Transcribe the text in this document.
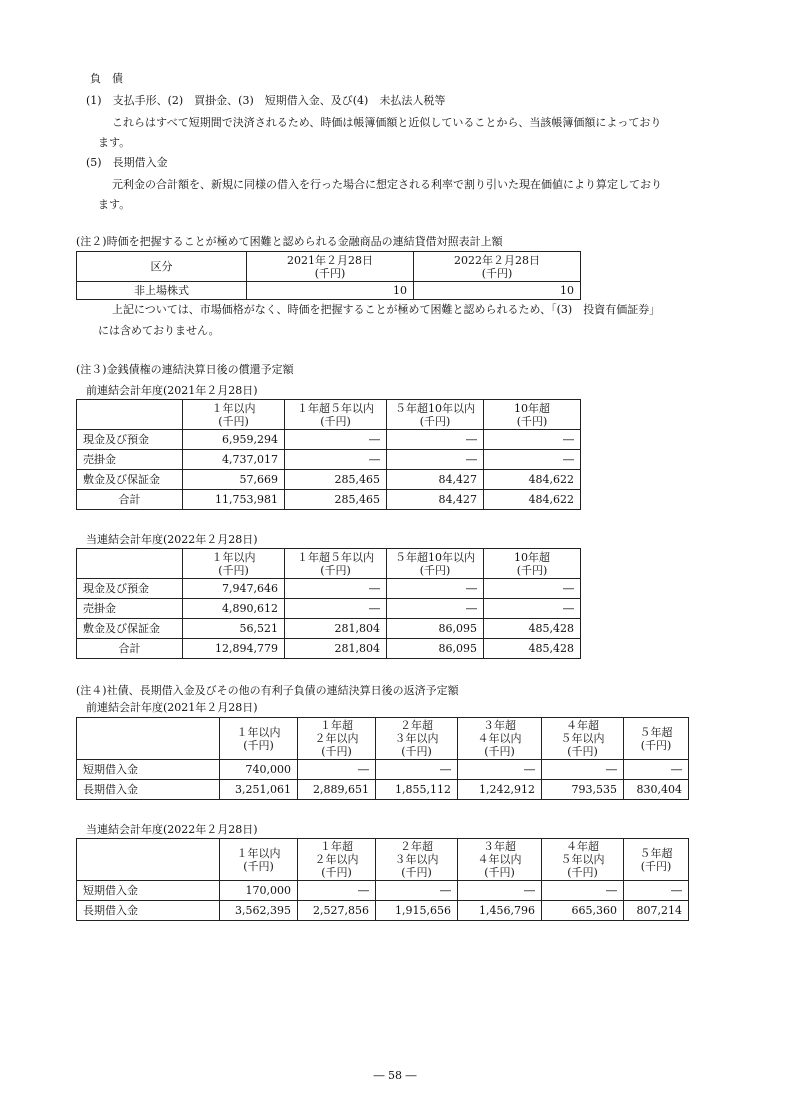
負　債
(1)　支払手形、(2)　買掛金、(3)　短期借入金、及び(4)　未払法人税等
これらはすべて短期間で決済されるため、時価は帳簿価額と近似していることから、当該帳簿価額によっており
ます。
(5)　長期借入金
元利金の合計額を、新規に同様の借入を行った場合に想定される利率で割り引いた現在価値により算定しており
ます。
(注２)時価を把握することが極めて困難と認められる金融商品の連結貸借対照表計上額
区分	2021年２月28日
(千円)	2022年２月28日
(千円)

非上場株式	10	10
上記については、市場価格がなく、時価を把握することが極めて困難と認められるため、「(3)　投資有価証券」
には含めておりません。
(注３)金銭債権の連結決算日後の償還予定額
前連結会計年度(2021年２月28日)

	１年以内
(千円)	１年超５年以内
(千円)	５年超10年以内
(千円)	10年超
(千円)

現金及び預金	6,959,294	―	―	―
売掛金	4,737,017	―	―	―
敷金及び保証金	57,669	285,465	84,427	484,622
合計	11,753,981	285,465	84,427	484,622
当連結会計年度(2022年２月28日)

	１年以内
(千円)	１年超５年以内
(千円)	５年超10年以内
(千円)	10年超
(千円)

現金及び預金	7,947,646	―	―	―
売掛金	4,890,612	―	―	―
敷金及び保証金	56,521	281,804	86,095	485,428
合計	12,894,779	281,804	86,095	485,428
(注４)社債、長期借入金及びその他の有利子負債の連結決算日後の返済予定額
前連結会計年度(2021年２月28日)

	１年以内
(千円)	１年超
２年以内
(千円)	２年超
３年以内
(千円)	３年超
４年以内
(千円)	４年超
５年以内
(千円)	５年超
(千円)

短期借入金	740,000	―	―	―	―	―
長期借入金	3,251,061	2,889,651	1,855,112	1,242,912	793,535	830,404
当連結会計年度(2022年２月28日)

	１年以内
(千円)	１年超
２年以内
(千円)	２年超
３年以内
(千円)	３年超
４年以内
(千円)	４年超
５年以内
(千円)	５年超
(千円)

短期借入金	170,000	―	―	―	―	―
長期借入金	3,562,395	2,527,856	1,915,656	1,456,796	665,360	807,214
― 58 ―
